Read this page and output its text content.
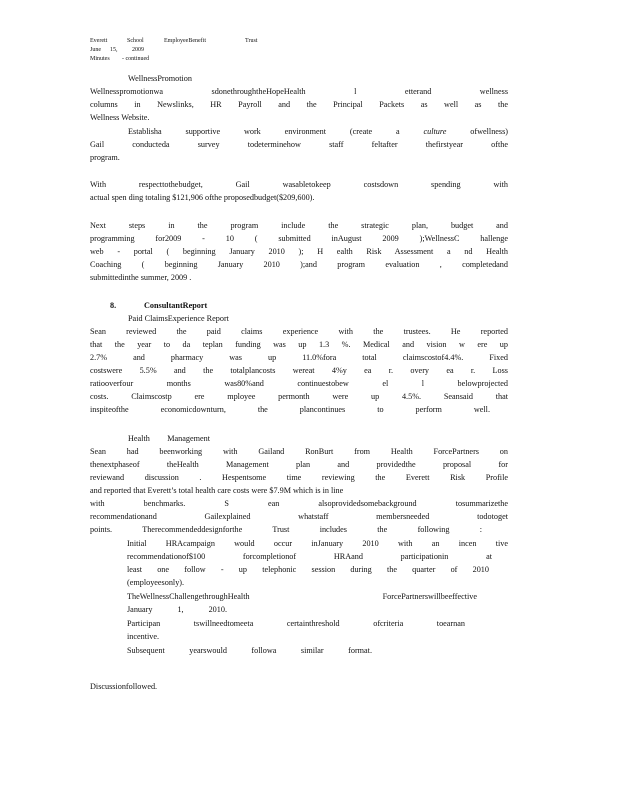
Everett	School	EmployeeBenefit	Trust
June 15, 2009
Minutes - continued
WellnessPromotion
Wellnesspromotionwa sdonethroughtheHopeHealth l etterand wellness
columns in Newslinks, HR Payroll and the Principal Packets as well as the
Wellness Website.
Establisha supportive work environment (create a	culture	ofwellness)
Gail conducteda survey todeterminehow staff feltafter thefirstyear ofthe
program.
With respecttothebudget, Gail wasabletokeep costsdown spending with
actual spen ding totaling $121,906 ofthe proposedbudget($209,600).
Next steps in the program include the strategic plan, budget and
programming for2009 - 10 ( submitted inAugust 2009 );WellnessC hallenge
web - portal ( beginning January 2010 ); H ealth Risk Assessment a nd Health
Coaching ( beginning January 2010 );and program evaluation , completedand
submittedinthe summer, 2009 .
8.	ConsultantReport
Paid ClaimsExperience Report
Sean reviewed the paid claims experience with the trustees. He reported
that the year to da teplan funding was up 1.3 %. Medical and vision w ere up
2.7% and pharmacy was up 11.0%fora total claimscostof4.4%. Fixed
costswere 5.5% and the totalplancosts wereat 4%y ea r. overy ea r. Loss
ratiooverfour months was80%and continuestobew el l belowprojected
costs. Claimscostp ere mployee permonth were up 4.5%. Seansaid that
inspiteofthe economicdownturn, the plancontinues to perform well.
Health Management
Sean had beenworking with Gailand RonBurt from Health ForcePartners on
thenextphaseof theHealth Management plan and providedthe proposal for
reviewand discussion . Hespentsome time reviewing the Everett Risk Profile
and reported that Everett’s total health care costs were $7.9M which is in line
with benchmarks. S ean alsoprovidedsomebackground tosummarizethe
recommendationand Gailexplained whatstaff membersneeded todotoget
points. Therecommendeddesignforthe Trust includes the following :
Initial HRAcampaign would occur inJanuary 2010 with an incen tive
recommendationof$100 forcompletionof HRAand participationin at
least one follow - up telephonic session during the quarter of 2010
(employeesonly).
TheWellnessChallengethroughHealth ForcePartnerswillbeeffective
January 1, 2010.
Participan tswillneedtomeeta certainthreshold ofcriteria toearnan
incentive.
Subsequent yearswould followa similar format.
Discussionfollowed.
